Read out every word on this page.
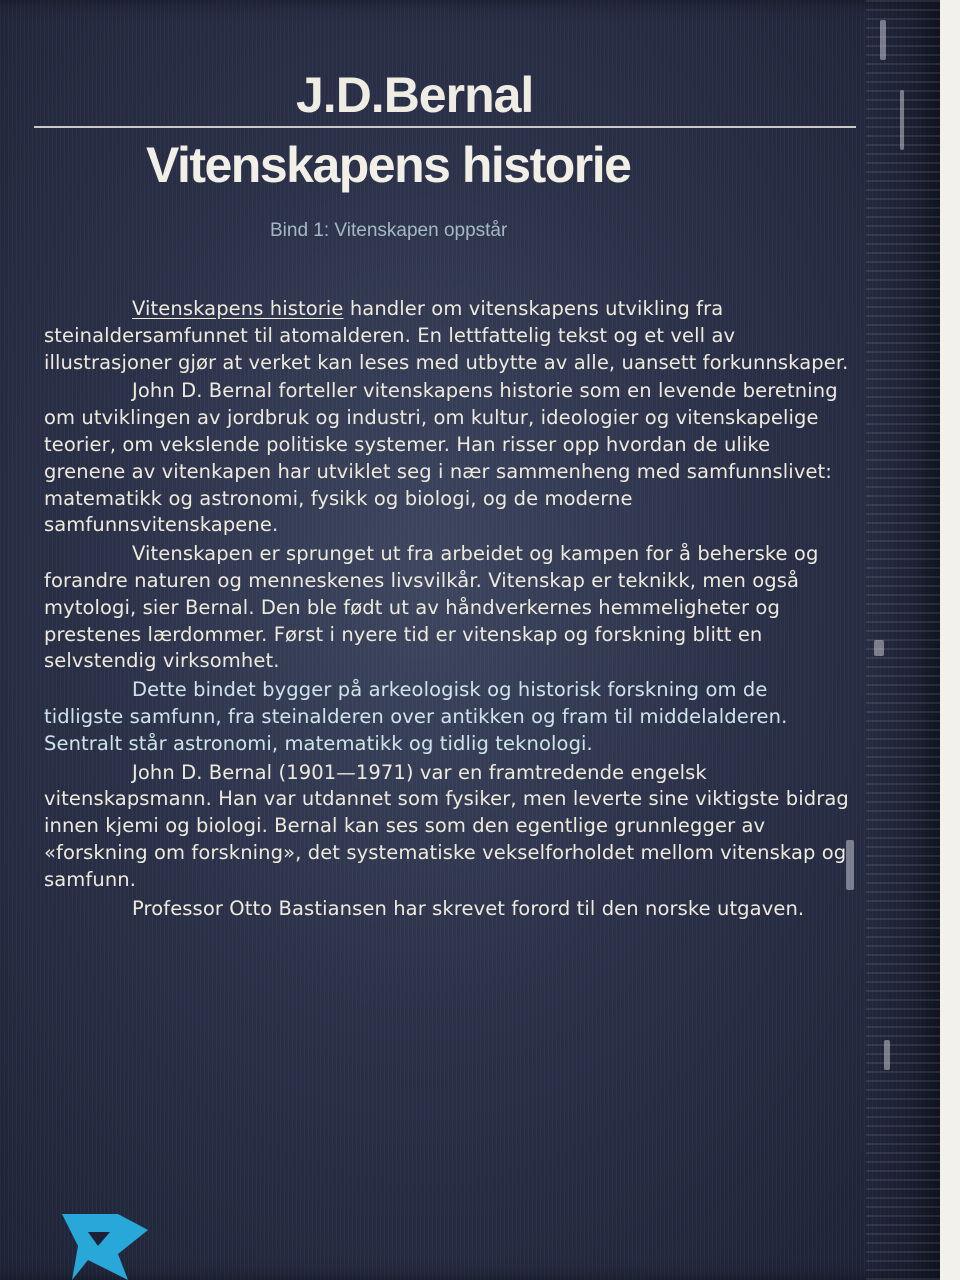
J.D.Bernal
Vitenskapens historie
Bind 1: Vitenskapen oppstår

Vitenskapens historie handler om vitenskapens utvikling fra steinaldersamfunnet til atomalderen. En lettfattelig tekst og et vell av illustrasjoner gjør at verket kan leses med utbytte av alle, uansett forkunnskaper.

John D. Bernal forteller vitenskapens historie som en levende beretning om utviklingen av jordbruk og industri, om kultur, ideologier og vitenskapelige teorier, om vekslende politiske systemer. Han risser opp hvordan de ulike grenene av vitenkapen har utviklet seg i nær sammenheng med samfunnslivet: matematikk og astronomi, fysikk og biologi, og de moderne samfunnsvitenskapene.

Vitenskapen er sprunget ut fra arbeidet og kampen for å beherske og forandre naturen og menneskenes livsvilkår. Vitenskap er teknikk, men også mytologi, sier Bernal. Den ble født ut av håndverkernes hemmeligheter og prestenes lærdommer. Først i nyere tid er vitenskap og forskning blitt en selvstendig virksomhet.

Dette bindet bygger på arkeologisk og historisk forskning om de tidligste samfunn, fra steinalderen over antikken og fram til middelalderen. Sentralt står astronomi, matematikk og tidlig teknologi.

John D. Bernal (1901—1971) var en framtredende engelsk vitenskapsmann. Han var utdannet som fysiker, men leverte sine viktigste bidrag innen kjemi og biologi. Bernal kan ses som den egentlige grunnlegger av «forskning om forskning», det systematiske vekselforholdet mellom vitenskap og samfunn.

Professor Otto Bastiansen har skrevet forord til den norske utgaven.
